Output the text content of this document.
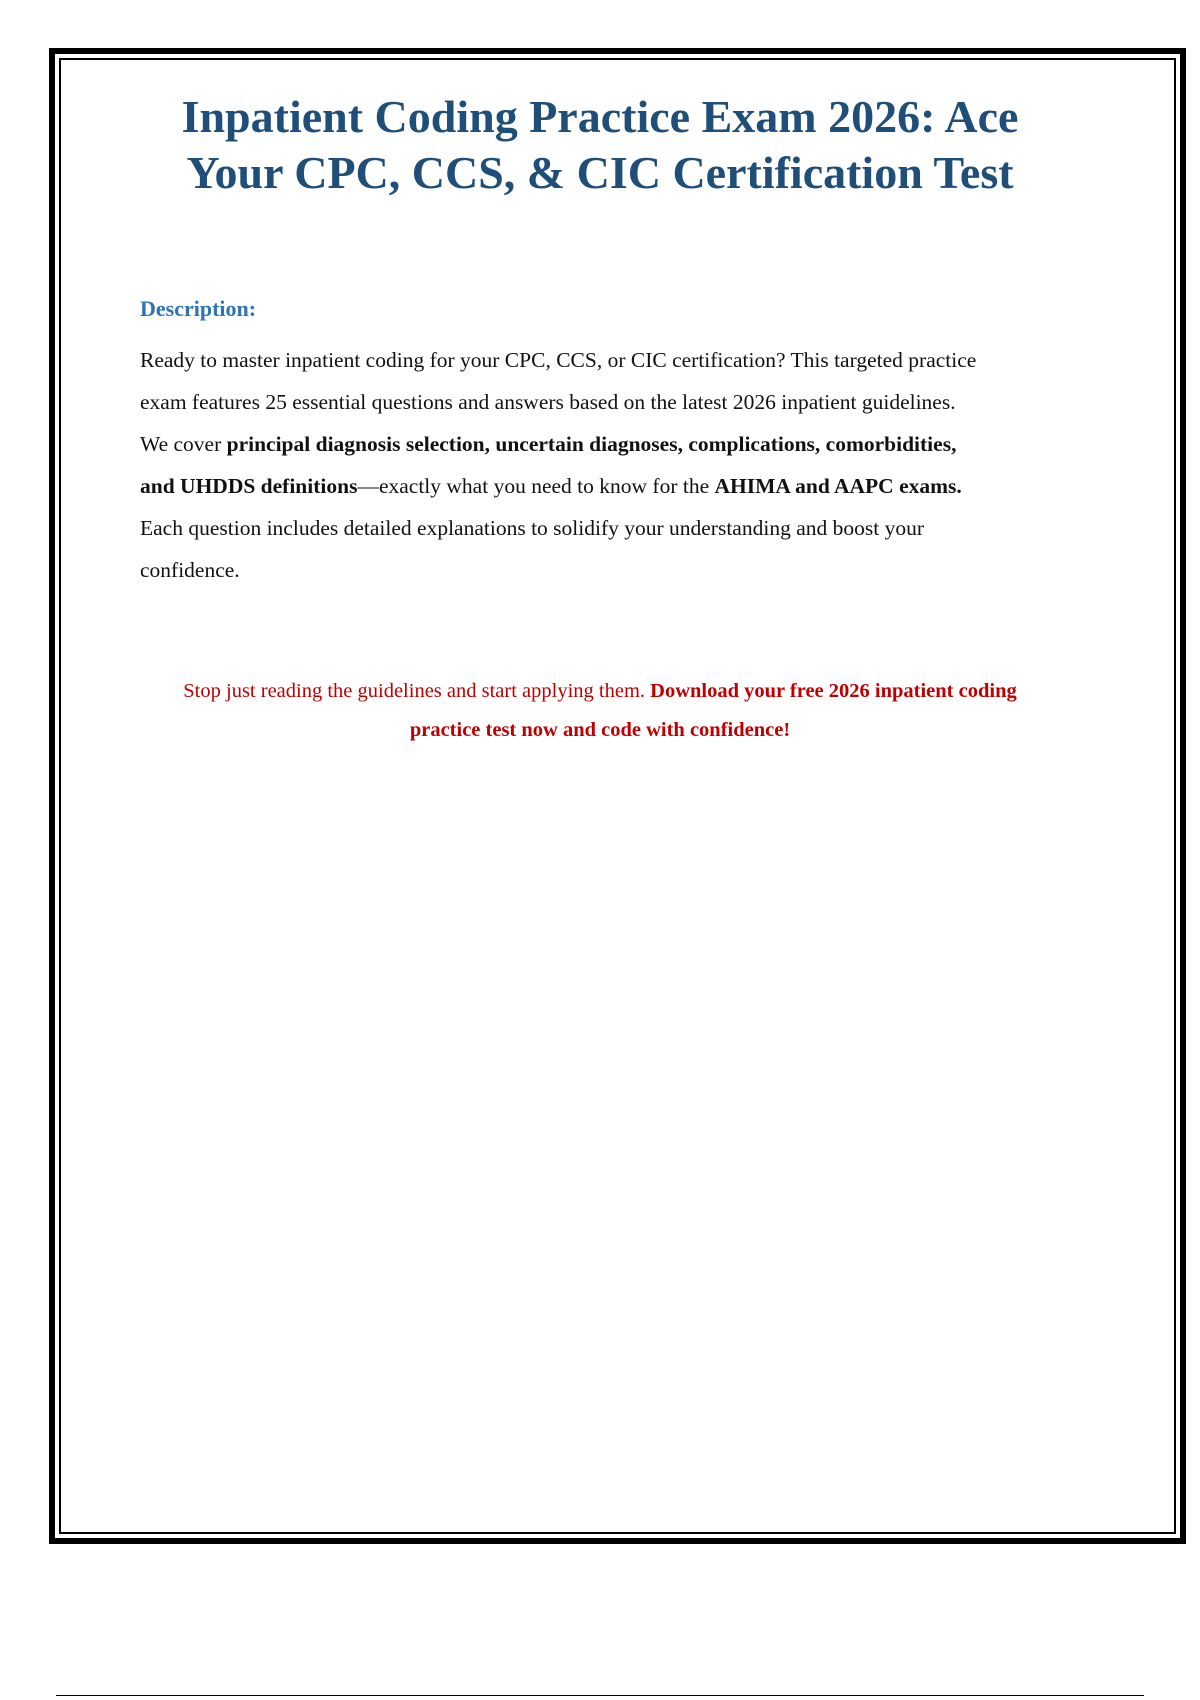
Inpatient Coding Practice Exam 2026: Ace
Your CPC, CCS, & CIC Certification Test
Description:
Ready to master inpatient coding for your CPC, CCS, or CIC certification? This targeted practice
exam features 25 essential questions and answers based on the latest 2026 inpatient guidelines.
We cover principal diagnosis selection, uncertain diagnoses, complications, comorbidities,
and UHDDS definitions—exactly what you need to know for the AHIMA and AAPC exams.
Each question includes detailed explanations to solidify your understanding and boost your
confidence.
Stop just reading the guidelines and start applying them. Download your free 2026 inpatient coding
practice test now and code with confidence!
